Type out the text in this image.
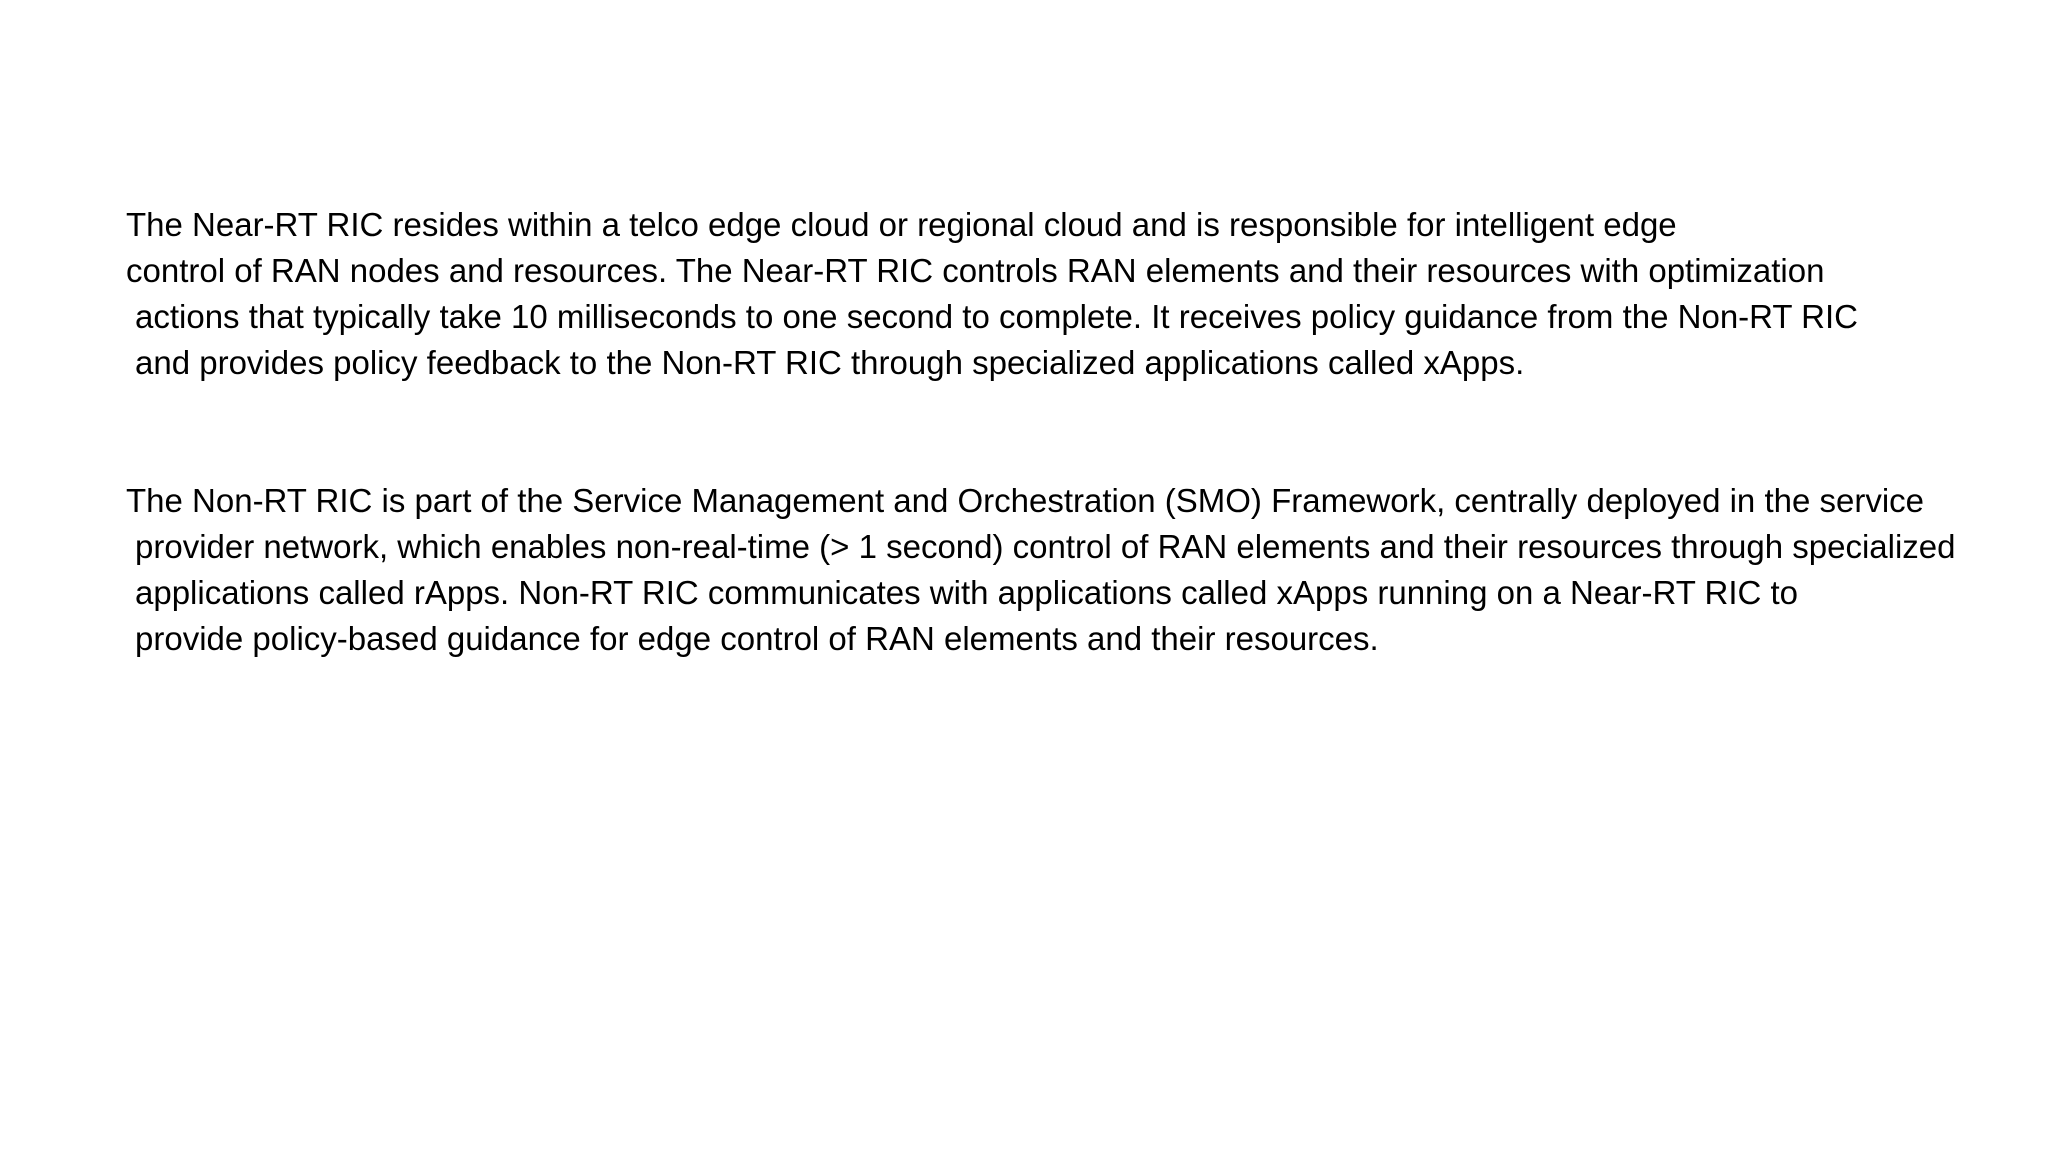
The Near-RT RIC resides within a telco edge cloud or regional cloud and is responsible for intelligent edge
control of RAN nodes and resources. The Near-RT RIC controls RAN elements and their resources with optimization
actions that typically take 10 milliseconds to one second to complete. It receives policy guidance from the Non-RT RIC
and provides policy feedback to the Non-RT RIC through specialized applications called xApps.
The Non-RT RIC is part of the Service Management and Orchestration (SMO) Framework, centrally deployed in the service
provider network, which enables non-real-time (> 1 second) control of RAN elements and their resources through specialized
applications called rApps. Non-RT RIC communicates with applications called xApps running on a Near-RT RIC to
provide policy-based guidance for edge control of RAN elements and their resources.
